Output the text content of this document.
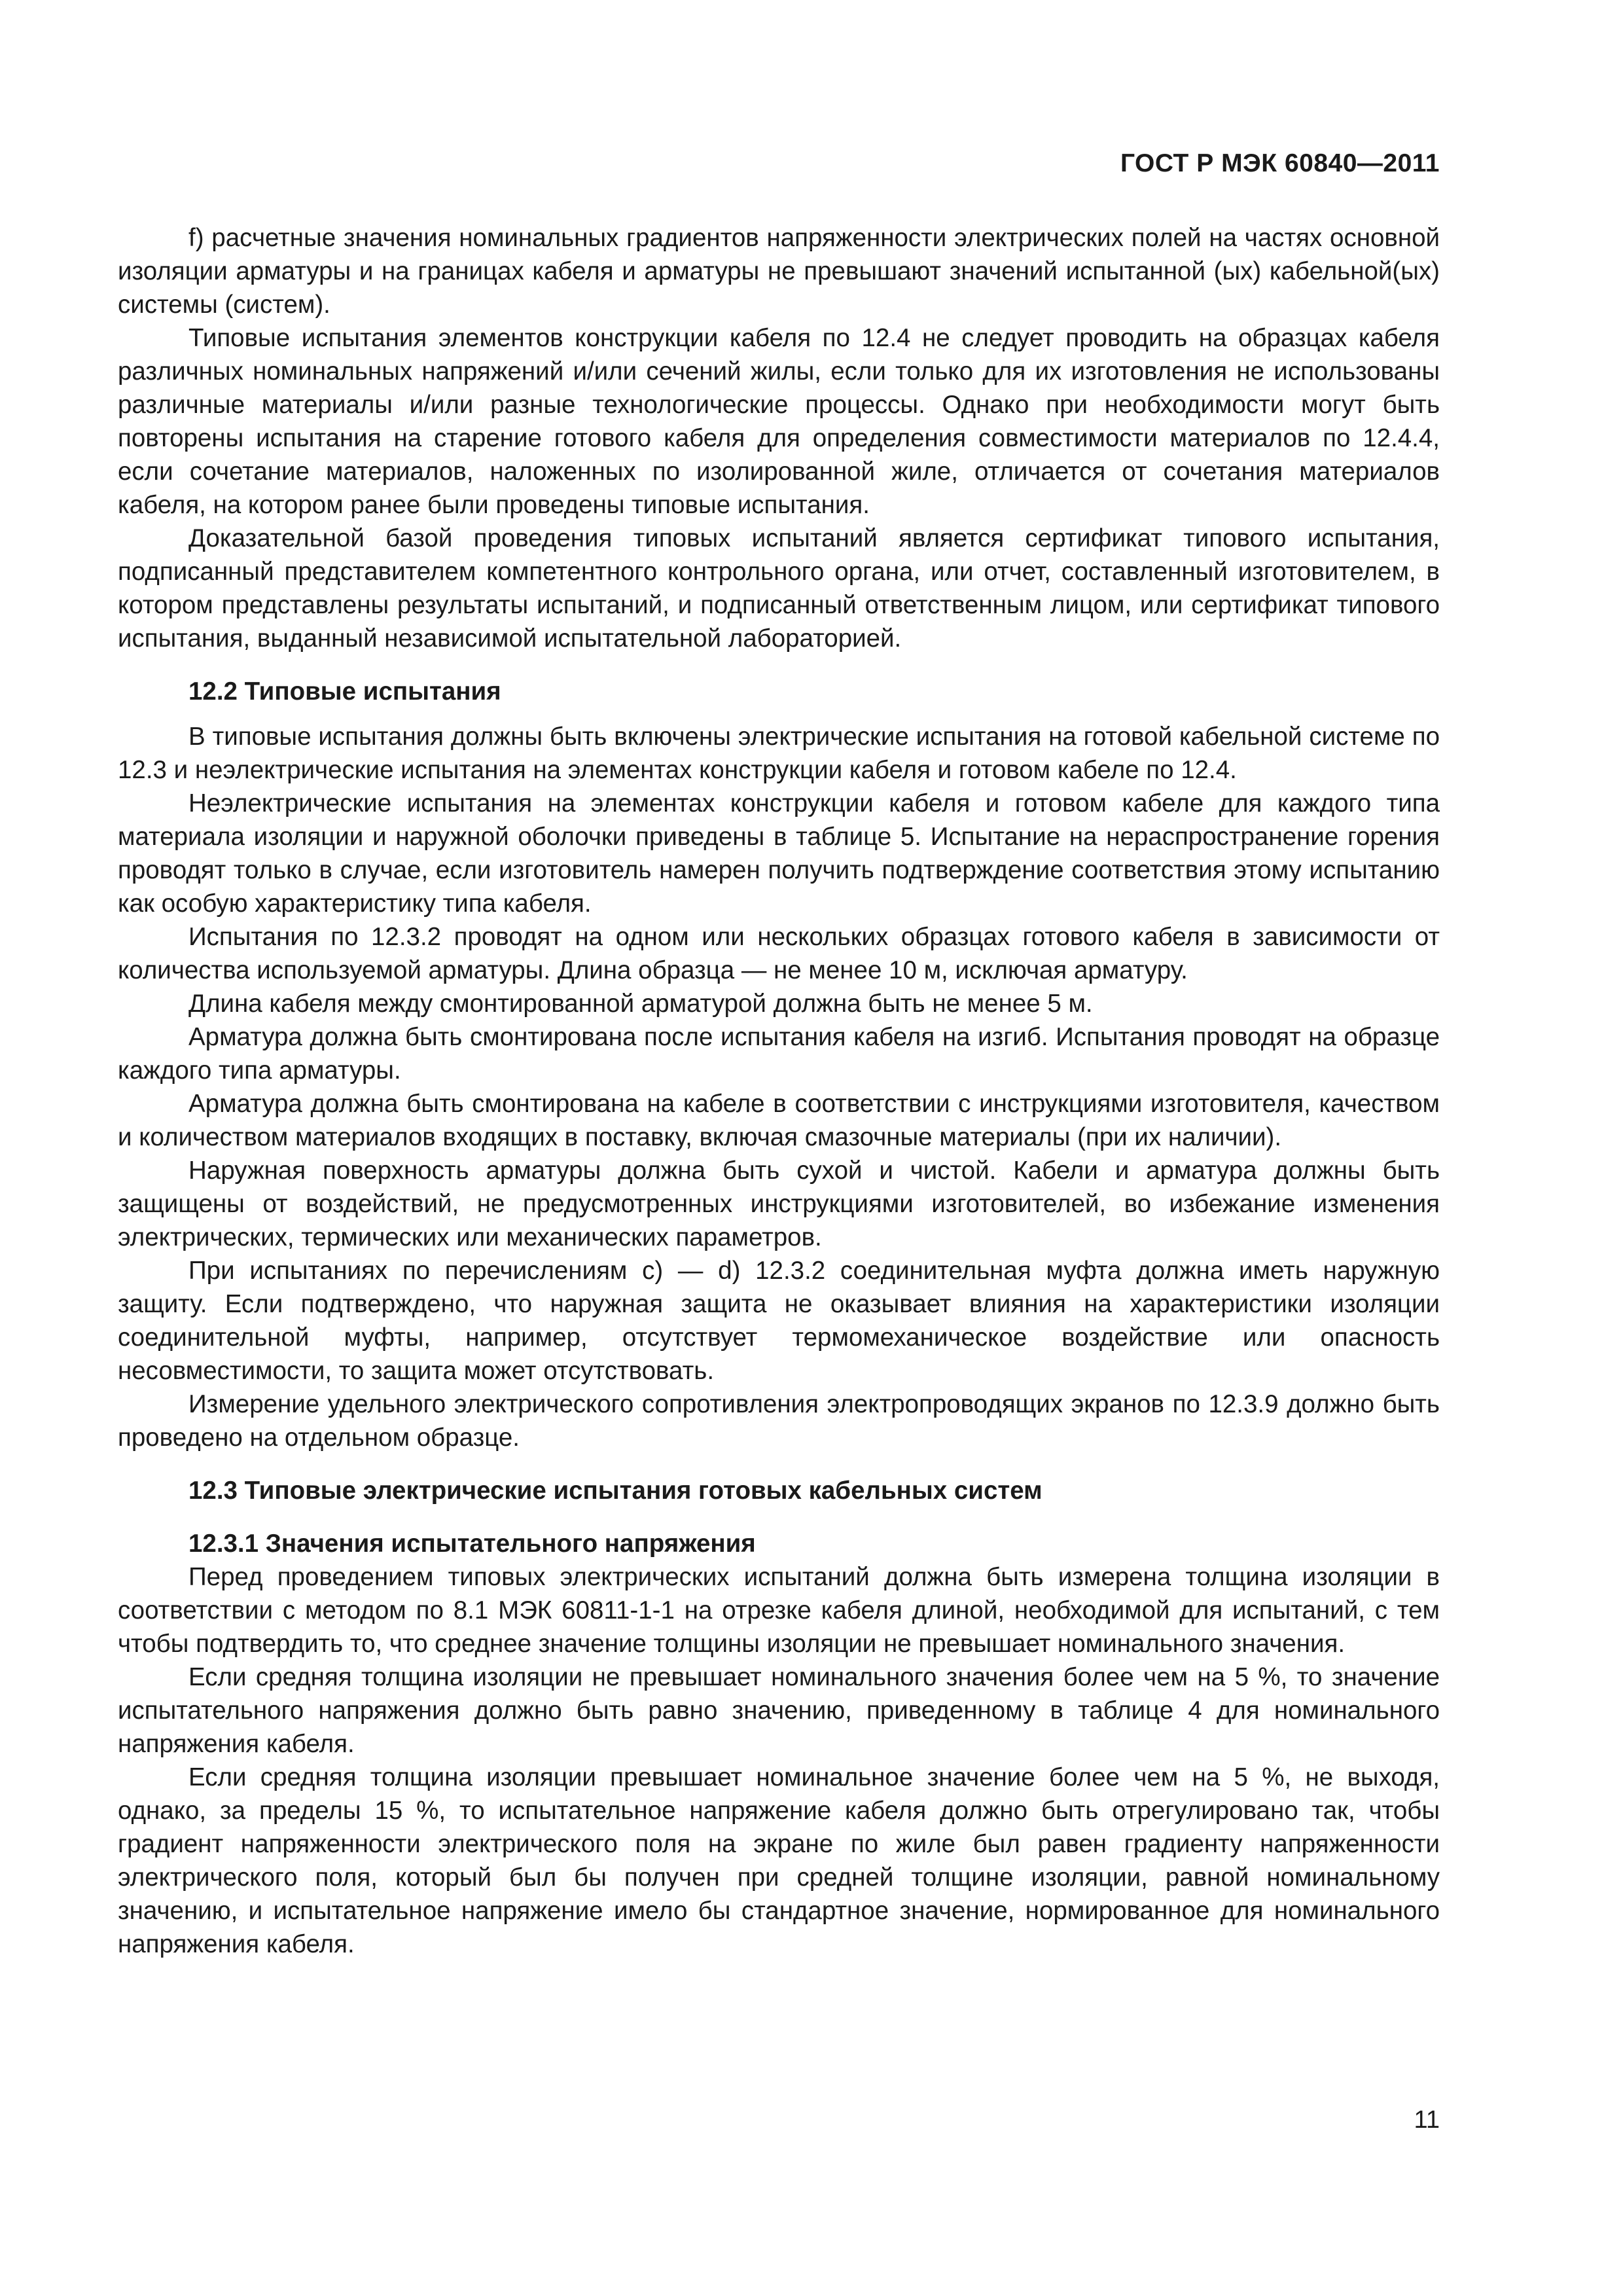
ГОСТ Р МЭК 60840—2011

f) расчетные значения номинальных градиентов напряженности электрических полей на частях основной изоляции арматуры и на границах кабеля и арматуры не превышают значений испытанной (ых) кабельной(ых) системы (систем).

Типовые испытания элементов конструкции кабеля по 12.4 не следует проводить на образцах кабеля различных номинальных напряжений и/или сечений жилы, если только для их изготовления не использованы различные материалы и/или разные технологические процессы. Однако при необходимости могут быть повторены испытания на старение готового кабеля для определения совместимости материалов по 12.4.4, если сочетание материалов, наложенных по изолированной жиле, отличается от сочетания материалов кабеля, на котором ранее были проведены типовые испытания.

Доказательной базой проведения типовых испытаний является сертификат типового испытания, подписанный представителем компетентного контрольного органа, или отчет, составленный изготовителем, в котором представлены результаты испытаний, и подписанный ответственным лицом, или сертификат типового испытания, выданный независимой испытательной лабораторией.

12.2 Типовые испытания

В типовые испытания должны быть включены электрические испытания на готовой кабельной системе по 12.3 и неэлектрические испытания на элементах конструкции кабеля и готовом кабеле по 12.4.

Неэлектрические испытания на элементах конструкции кабеля и готовом кабеле для каждого типа материала изоляции и наружной оболочки приведены в таблице 5. Испытание на нераспространение горения проводят только в случае, если изготовитель намерен получить подтверждение соответствия этому испытанию как особую характеристику типа кабеля.

Испытания по 12.3.2 проводят на одном или нескольких образцах готового кабеля в зависимости от количества используемой арматуры. Длина образца — не менее 10 м, исключая арматуру.

Длина кабеля между смонтированной арматурой должна быть не менее 5 м.

Арматура должна быть смонтирована после испытания кабеля на изгиб. Испытания проводят на образце каждого типа арматуры.

Арматура должна быть смонтирована на кабеле в соответствии с инструкциями изготовителя, качеством и количеством материалов входящих в поставку, включая смазочные материалы (при их наличии).

Наружная поверхность арматуры должна быть сухой и чистой. Кабели и арматура должны быть защищены от воздействий, не предусмотренных инструкциями изготовителей, во избежание изменения электрических, термических или механических параметров.

При испытаниях по перечислениям с) — d) 12.3.2 соединительная муфта должна иметь наружную защиту. Если подтверждено, что наружная защита не оказывает влияния на характеристики изоляции соединительной муфты, например, отсутствует термомеханическое воздействие или опасность несовместимости, то защита может отсутствовать.

Измерение удельного электрического сопротивления электропроводящих экранов по 12.3.9 должно быть проведено на отдельном образце.

12.3 Типовые электрические испытания готовых кабельных систем
12.3.1 Значения испытательного напряжения

Перед проведением типовых электрических испытаний должна быть измерена толщина изоляции в соответствии с методом по 8.1 МЭК 60811-1-1 на отрезке кабеля длиной, необходимой для испытаний, с тем чтобы подтвердить то, что среднее значение толщины изоляции не превышает номинального значения.

Если средняя толщина изоляции не превышает номинального значения более чем на 5 %, то значение испытательного напряжения должно быть равно значению, приведенному в таблице 4 для номинального напряжения кабеля.

Если средняя толщина изоляции превышает номинальное значение более чем на 5 %, не выходя, однако, за пределы 15 %, то испытательное напряжение кабеля должно быть отрегулировано так, чтобы градиент напряженности электрического поля на экране по жиле был равен градиенту напряженности электрического поля, который был бы получен при средней толщине изоляции, равной номинальному значению, и испытательное напряжение имело бы стандартное значение, нормированное для номинального напряжения кабеля.

11
